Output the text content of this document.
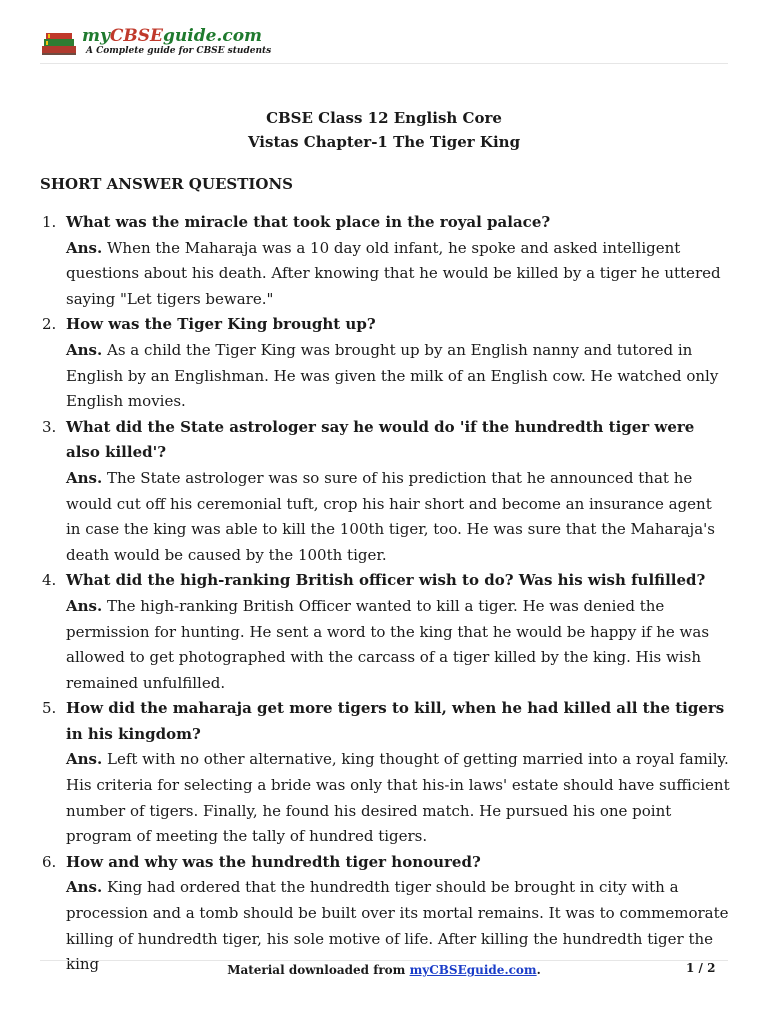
myCBSEguide.com
A Complete guide for CBSE students
CBSE Class 12 English Core
Vistas Chapter-1 The Tiger King
SHORT ANSWER QUESTIONS
1. What was the miracle that took place in the royal palace?
Ans. When the Maharaja was a 10 day old infant, he spoke and asked intelligent questions about his death. After knowing that he would be killed by a tiger he uttered saying "Let tigers beware."
2. How was the Tiger King brought up?
Ans. As a child the Tiger King was brought up by an English nanny and tutored in English by an Englishman. He was given the milk of an English cow. He watched only English movies.
3. What did the State astrologer say he would do 'if the hundredth tiger were also killed'?
Ans. The State astrologer was so sure of his prediction that he announced that he would cut off his ceremonial tuft, crop his hair short and become an insurance agent in case the king was able to kill the 100th tiger, too. He was sure that the Maharaja's death would be caused by the 100th tiger.
4. What did the high-ranking British officer wish to do? Was his wish fulfilled?
Ans. The high-ranking British Officer wanted to kill a tiger. He was denied the permission for hunting. He sent a word to the king that he would be happy if he was allowed to get photographed with the carcass of a tiger killed by the king. His wish remained unfulfilled.
5. How did the maharaja get more tigers to kill, when he had killed all the tigers in his kingdom?
Ans. Left with no other alternative, king thought of getting married into a royal family. His criteria for selecting a bride was only that his-in laws' estate should have sufficient number of tigers. Finally, he found his desired match. He pursued his one point program of meeting the tally of hundred tigers.
6. How and why was the hundredth tiger honoured?
Ans. King had ordered that the hundredth tiger should be brought in city with a procession and a tomb should be built over its mortal remains. It was to commemorate killing of hundredth tiger, his sole motive of life. After killing the hundredth tiger the king	Material downloaded from myCBSEguide.com.	1 / 2
